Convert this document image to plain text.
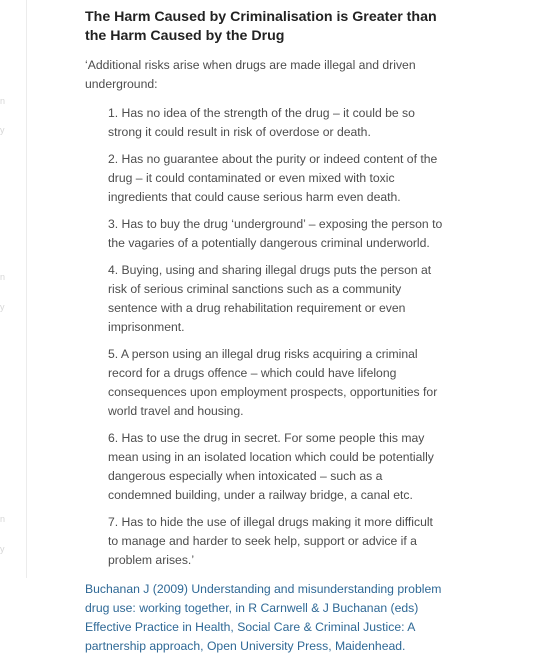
n
y
n
y
n
y
The Harm Caused by Criminalisation is Greater than the Harm Caused by the Drug

‘Additional risks arise when drugs are made illegal and driven underground:

1. Has no idea of the strength of the drug – it could be so strong it could result in risk of overdose or death.
2. Has no guarantee about the purity or indeed content of the drug – it could contaminated or even mixed with toxic ingredients that could cause serious harm even death.
3. Has to buy the drug ‘underground’ – exposing the person to the vagaries of a potentially dangerous criminal underworld.
4. Buying, using and sharing illegal drugs puts the person at risk of serious criminal sanctions such as a community sentence with a drug rehabilitation requirement or even imprisonment.
5. A person using an illegal drug risks acquiring a criminal record for a drugs offence – which could have lifelong consequences upon employment prospects, opportunities for world travel and housing.
6. Has to use the drug in secret. For some people this may mean using in an isolated location which could be potentially dangerous especially when intoxicated – such as a condemned building, under a railway bridge, a canal etc.
7. Has to hide the use of illegal drugs making it more difficult to manage and harder to seek help, support or advice if a problem arises.’

Buchanan J (2009) Understanding and misunderstanding problem drug use: working together, in R Carnwell & J Buchanan (eds) Effective Practice in Health, Social Care & Criminal Justice: A partnership approach, Open University Press, Maidenhead.
